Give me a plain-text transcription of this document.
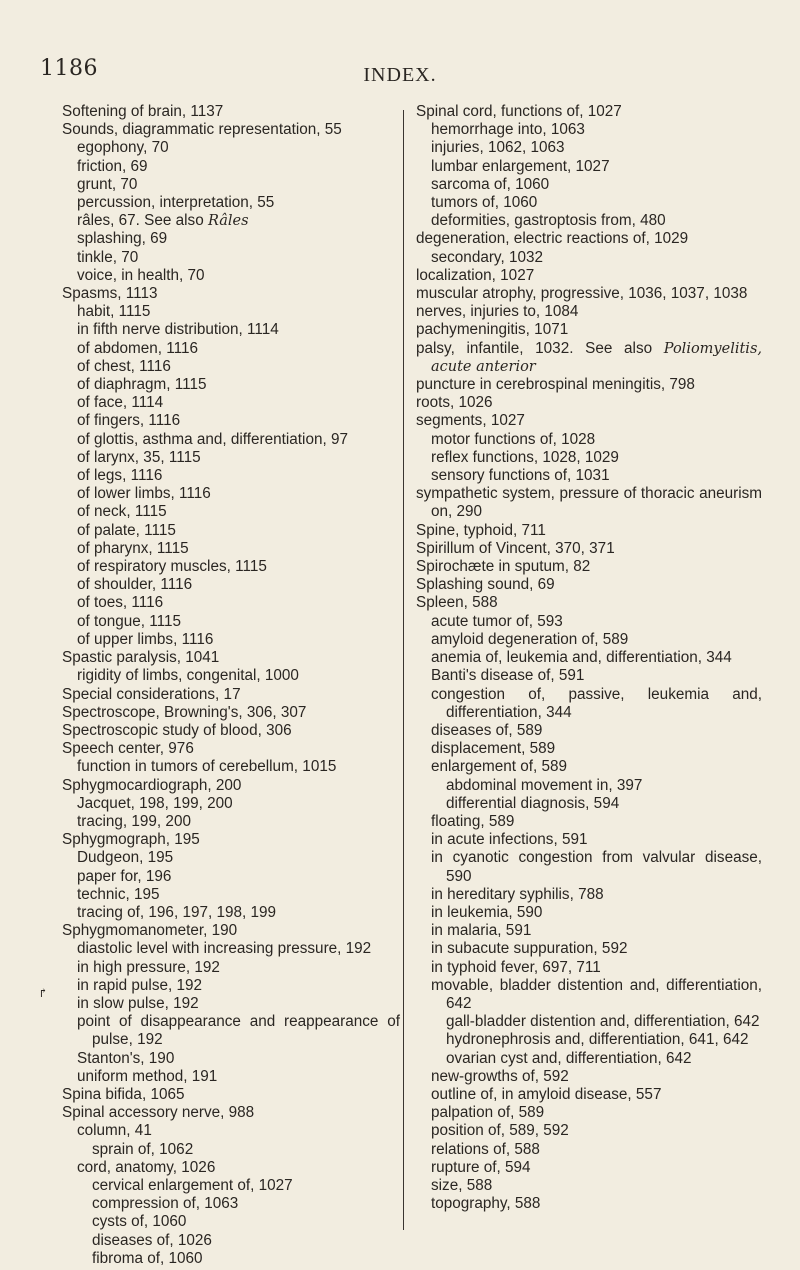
1186	INDEX.
Softening of brain, 1137
Sounds, diagrammatic representation, 55
egophony, 70
friction, 69
grunt, 70
percussion, interpretation, 55
râles, 67. See also Râles
splashing, 69
tinkle, 70
voice, in health, 70
Spasms, 1113
habit, 1115
in fifth nerve distribution, 1114
of abdomen, 1116
of chest, 1116
of diaphragm, 1115
of face, 1114
of fingers, 1116
of glottis, asthma and, differentiation, 97
of larynx, 35, 1115
of legs, 1116
of lower limbs, 1116
of neck, 1115
of palate, 1115
of pharynx, 1115
of respiratory muscles, 1115
of shoulder, 1116
of toes, 1116
of tongue, 1115
of upper limbs, 1116
Spastic paralysis, 1041
rigidity of limbs, congenital, 1000
Special considerations, 17
Spectroscope, Browning's, 306, 307
Spectroscopic study of blood, 306
Speech center, 976
function in tumors of cerebellum, 1015
Sphygmocardiograph, 200
Jacquet, 198, 199, 200
tracing, 199, 200
Sphygmograph, 195
Dudgeon, 195
paper for, 196
technic, 195
tracing of, 196, 197, 198, 199
Sphygmomanometer, 190
diastolic level with increasing pressure, 192
in high pressure, 192
in rapid pulse, 192
in slow pulse, 192
point of disappearance and reappearance of pulse, 192
Stanton's, 190
uniform method, 191
Spina bifida, 1065
Spinal accessory nerve, 988
column, 41
sprain of, 1062
cord, anatomy, 1026
cervical enlargement of, 1027
compression of, 1063
cysts of, 1060
diseases of, 1026
fibroma of, 1060
Spinal cord, functions of, 1027
hemorrhage into, 1063
injuries, 1062, 1063
lumbar enlargement, 1027
sarcoma of, 1060
tumors of, 1060
deformities, gastroptosis from, 480
degeneration, electric reactions of, 1029
secondary, 1032
localization, 1027
muscular atrophy, progressive, 1036, 1037, 1038
nerves, injuries to, 1084
pachymeningitis, 1071
palsy, infantile, 1032. See also Poliomyelitis, acute anterior
puncture in cerebrospinal meningitis, 798
roots, 1026
segments, 1027
motor functions of, 1028
reflex functions, 1028, 1029
sensory functions of, 1031
sympathetic system, pressure of thoracic aneurism on, 290
Spine, typhoid, 711
Spirillum of Vincent, 370, 371
Spirochæte in sputum, 82
Splashing sound, 69
Spleen, 588
acute tumor of, 593
amyloid degeneration of, 589
anemia of, leukemia and, differentiation, 344
Banti's disease of, 591
congestion of, passive, leukemia and, differentiation, 344
diseases of, 589
displacement, 589
enlargement of, 589
abdominal movement in, 397
differential diagnosis, 594
floating, 589
in acute infections, 591
in cyanotic congestion from valvular disease, 590
in hereditary syphilis, 788
in leukemia, 590
in malaria, 591
in subacute suppuration, 592
in typhoid fever, 697, 711
movable, bladder distention and, differentiation, 642
gall-bladder distention and, differentiation, 642
hydronephrosis and, differentiation, 641, 642
ovarian cyst and, differentiation, 642
new-growths of, 592
outline of, in amyloid disease, 557
palpation of, 589
position of, 589, 592
relations of, 588
rupture of, 594
size, 588
topography, 588
↱
